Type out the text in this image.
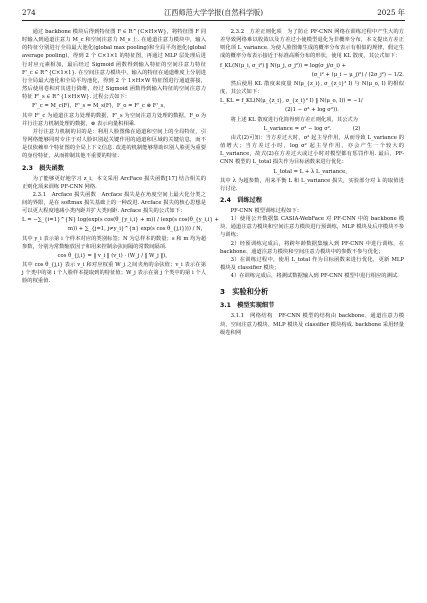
274	江西师范大学学报(自然科学版)	2025 年

通过 backbone 模块后得到特征图 F ∈ R^{C×H×W}，将特征图 F 同时输入到通道注意力 M_c 和空间注意力 M_s 上. 在通道注意力模块中，输入的特征分别进行全局最大池化(global max pooling)和全局平均池化(global average pooling)，得到 2 个 C×1×1 的特征图，再通过 MLP 层处理后进行对应元素相加，最后经过 Sigmoid 函数得到输入特征的空间注意力特征 F'_c ∈ R^{C×1×1}. 在空间注意力模块中，输入的特征在通道维度上分别进行全局最大池化和全局平均池化，得到 2 个 1×H×W 特征图进行通道拼接，然后使用卷积对其进行降维，经过 Sigmoid 函数得到输入特征的空间注意力特征 F'_s ∈ R^{1×H×W}. 过程公式如下：

F'_c = M_c(F)，F'_s = M_s(F)，F_o = F'_c ⊗ F'_s，

其中 F'_c 为通道注意力处理的数据，F'_s 为空间注意力处理的数据，F_o 为并行注意力机制处理的数据，⊗ 表示向量积相乘.

并行注意力机制的目的是：利用人脸图像在通道和空间上的全局特征，引导网络能够同时专注于对人脸识别起关键作用的通道和区域的关键信息，而不是仅依赖单个特征图的全局上下文信息. 改进的机制能够帮助识别人脸更为重要的身份特征，从而抑制其他不重要的特征.

2.3　损失函数

为了能够更好地学习 z_i，本文采用 ArcFace 损失函数[17] 结合相关的正则化项来训练 PF-CNN 网络.

2.3.1　Arcface 损失函数　Arcface 损失是在角度空间上最大化分类之间的界限，是在 softmax 损失基础上的一种改进. Arcface 损失的核心思想是可以更大程度地减小类内距并扩大类间距. Arcface 损失的公式如下：

L = −∑_{i=1}^{N} log(exp(s cos(θ_{y_i,i} + m)) / (exp(s cos(θ_{y_i,i} +
m)) + ∑_{j=1, j≠y_i}^{n} exp(s cos θ_{j,i}))) / N，

其中 y_i 表示第 i 个样本对应的类别标签；N 为总样本的数量；s 和 m 均为超参数，分别为常数缩放因子和用来控制余弦间隔的常数间隔项.

cos θ_{j,i} = ‖ v_i ‖ (v_i) · (W_j / ‖ W_j ‖)，

其中 cos θ_{j,i} 表示 v_i 和对应权重 W_j 之间夹角的余弦值；v_i 表示在第 j 个类中的第 i 个人脸样本提取到的特征值；W_j 表示在第 j 个类中的第 i 个人脸的权重值.

2.3.2　方差正则化项　为了防止 PF-CNN 网络在训练过程中产生大的方差导致网络难以收敛以及方差过小使模型退化为非概率分布，本文提出方差正则化项 L_variance. 为使人脸图像生成的概率分布表示有相似的规律，假定生成的概率分布表示接近于标准高斯分布的形状，使用 KL 散度，其公式如下：

f_KL(N(μ_i, σ_i²) ‖ N(μ_j, σ_j²)) = log(σ_j/σ_i) +
(σ_i² + (μ_i − μ_j)²) / (2σ_j²) − 1/2.

然后使用 KL 散度来度量 N(μ_{z_i}, σ_{z_i}² I) 与 N(μ_o, I) 的相似度，其公式如下：

L_KL = f_KL(N(μ_{z_i}, σ_{z_i}² I) ‖ N(μ_o, I)) = −1/
(2(1 − σ² + log σ²)).

将上述 KL 散度进行化简得到方差正则化项，其公式为

L_variance = σ² − log σ².　　　　(2)

由式(2)可知：当方差过大时，σ² 起主导作用，从而导致 L_variance 的值增大；当方差过小时，log σ² 起主导作用，亦会产生一个较大的 L_variance，故式(2)在方差过大或过小时对模型都有惩罚作用. 最后，PF-CNN 模型的 L_total 损失作为目标函数来进行优化：

L_total = L + λ L_variance，

其中 λ 为超参数，用来平衡 L 和 L_variance 损失，实验部分对 λ 的取值进行讨论.

2.4　训练过程

PF-CNN 模型训练过程如下：

1）使用公开数据集 CASIA-WebFace 对 PF-CNN 中的 backbone 模块、通道注意力模块和空间注意力模块进行预训练，MLP 模块及后序模块不参与训练；

2）经预训练完成后，将跨年龄数据集输入到 PF-CNN 中进行训练，在 backbone、通道注意力模块和空间注意力模块中的参数不参与优化；

3）在训练过程中，使用 L_total 作为目标函数来进行优化，更新 MLP 模块及 classifier 模块；

4）在训练完成后，将测试数据输入到 PF-CNN 模型中进行相应的测试.

3　实验和分析
3.1　模型实现细节

3.1.1　网络结构　PF-CNN 模型的结构由 backbone、通道注意力模块、空间注意力模块、MLP 模块及 classifier 模块构成. backbone 采用轻量级卷积网
